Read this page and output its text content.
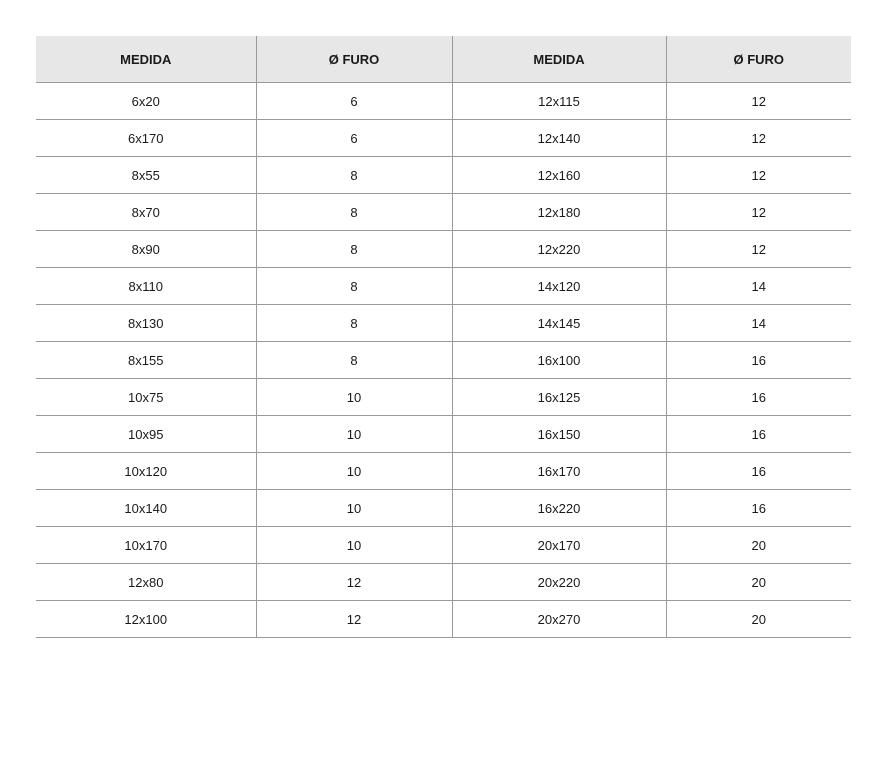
MEDIDA	Ø FURO	MEDIDA	Ø FURO
6x20	6	12x115	12
6x170	6	12x140	12
8x55	8	12x160	12
8x70	8	12x180	12
8x90	8	12x220	12
8x110	8	14x120	14
8x130	8	14x145	14
8x155	8	16x100	16
10x75	10	16x125	16
10x95	10	16x150	16
10x120	10	16x170	16
10x140	10	16x220	16
10x170	10	20x170	20
12x80	12	20x220	20
12x100	12	20x270	20
